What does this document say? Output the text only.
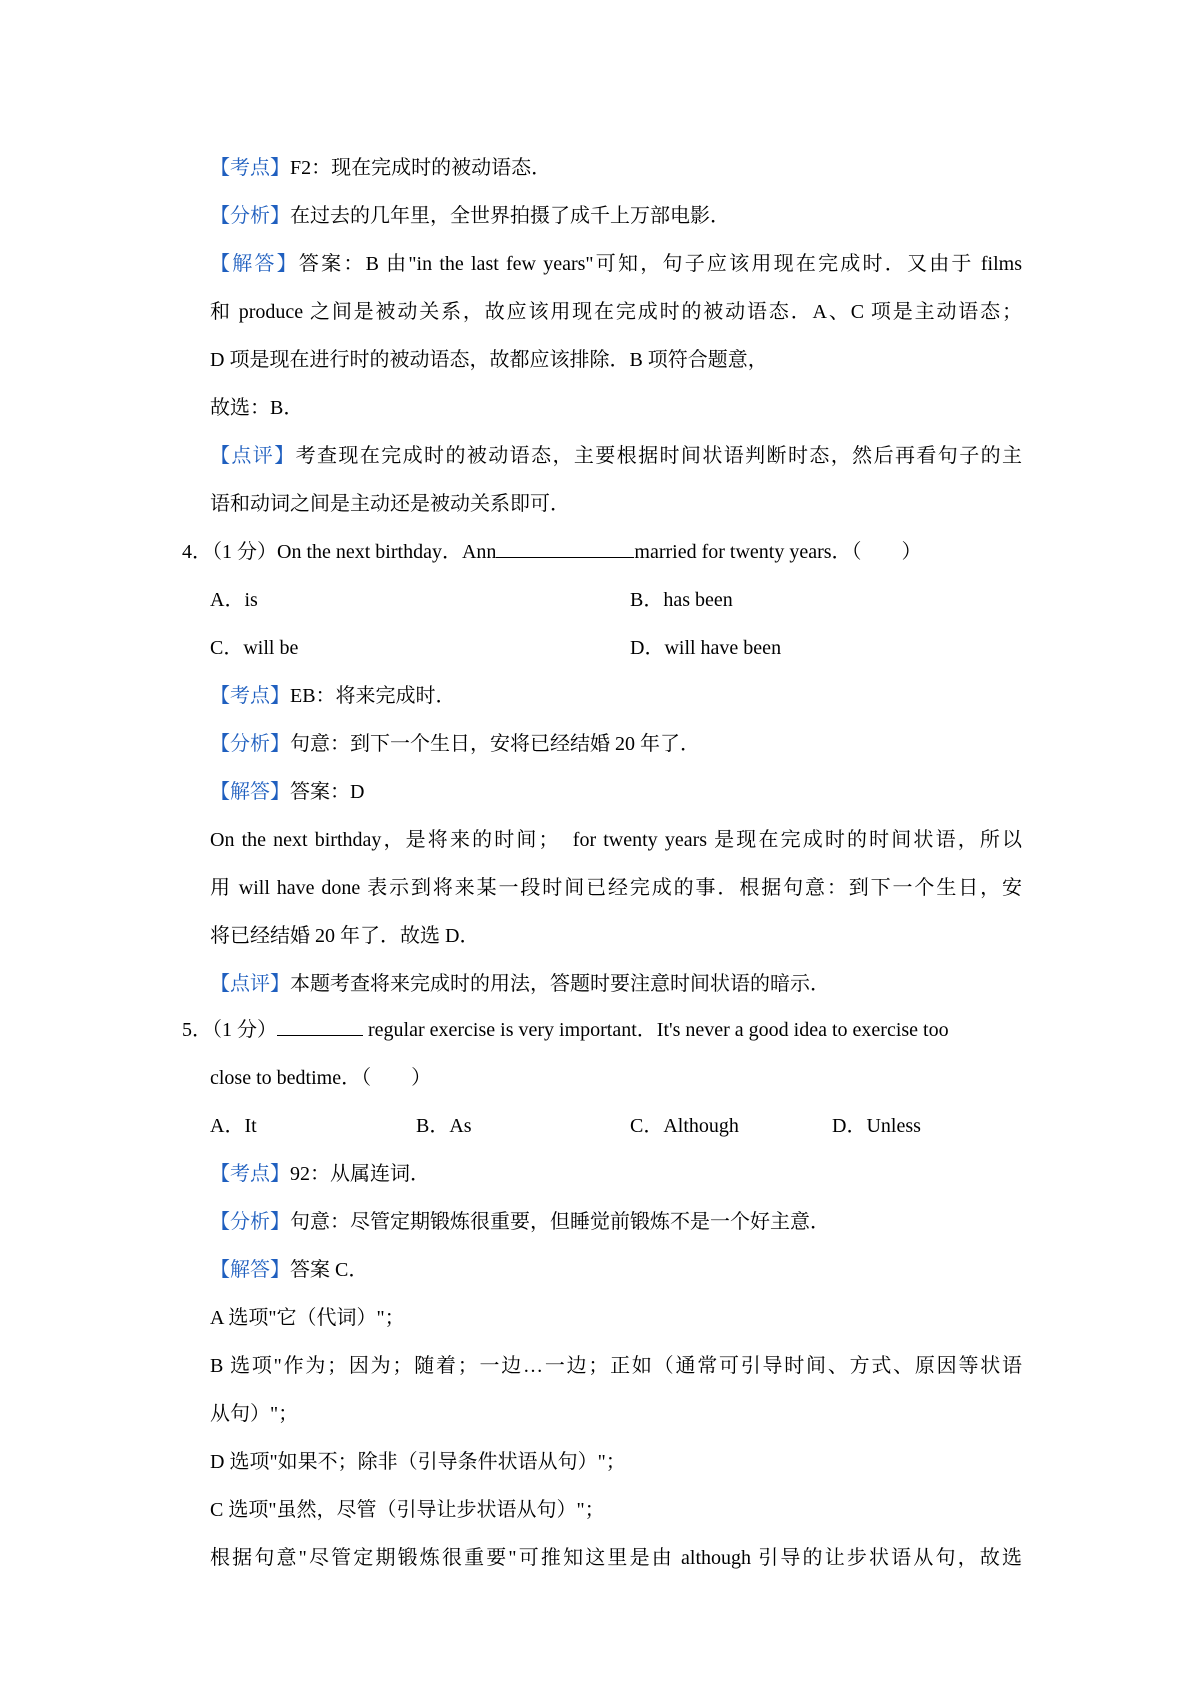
【考点】F2：现在完成时的被动语态．
【分析】在过去的几年里，全世界拍摄了成千上万部电影．
【解答】答案：B 由"in the last few years"可知，句子应该用现在完成时．又由于 films
和 produce 之间是被动关系，故应该用现在完成时的被动语态．A、C 项是主动语态；
D 项是现在进行时的被动语态，故都应该排除．B 项符合题意，
故选：B．
【点评】考查现在完成时的被动语态，主要根据时间状语判断时态，然后再看句子的主
语和动词之间是主动还是被动关系即可．
4．（1 分）On the next birthday．Ann	married for twenty years．（　　）
A．is	B．has been
C．will be	D．will have been
【考点】EB：将来完成时．
【分析】句意：到下一个生日，安将已经结婚 20 年了．
【解答】答案：D
On the next birthday，是将来的时间；　for twenty years 是现在完成时的时间状语，所以
用 will have done 表示到将来某一段时间已经完成的事．根据句意：到下一个生日，安
将已经结婚 20 年了．故选 D．
【点评】本题考查将来完成时的用法，答题时要注意时间状语的暗示．
5．（1 分）	regular exercise is very important．It's never a good idea to exercise too
close to bedtime．（　　）
A．It	B．As	C．Although	D．Unless
【考点】92：从属连词．
【分析】句意：尽管定期锻炼很重要，但睡觉前锻炼不是一个好主意．
【解答】答案 C．
A 选项"它（代词）"；
B 选项"作为；因为；随着；一边…一边；正如（通常可引导时间、方式、原因等状语
从句）"；
D 选项"如果不；除非（引导条件状语从句）"；
C 选项"虽然，尽管（引导让步状语从句）"；
根据句意"尽管定期锻炼很重要"可推知这里是由 although 引导的让步状语从句，故选
